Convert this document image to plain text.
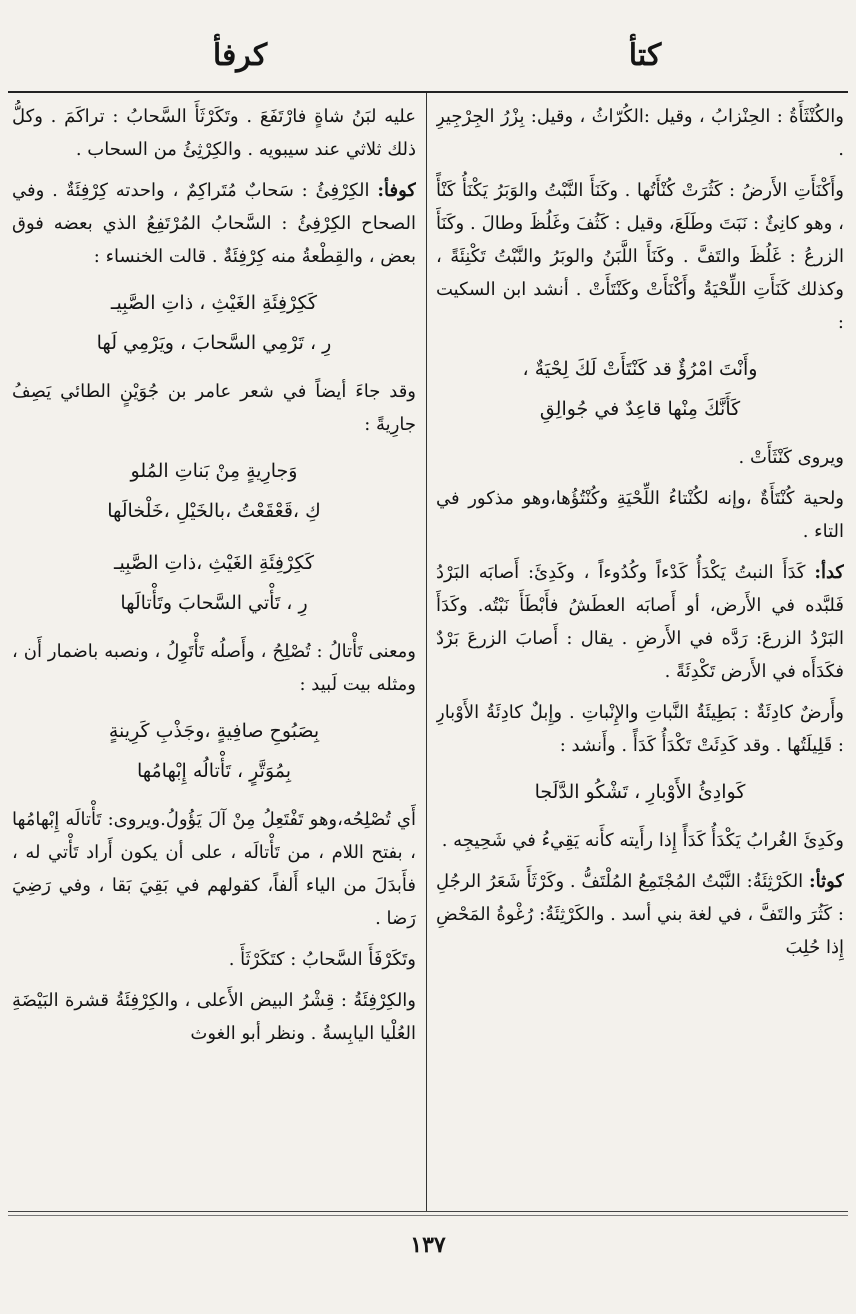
كتأ
كرفأ

والكُنْثَأَةُ : الحِنْزابُ ، وقيل :الكُرّاثُ ، وقيل: بِزْرُ الجِرْجِيرِ .

وأَكْنَأَتِ الأَرضُ : كَثُرَتْ كُنْأَتُها . وكَنَأَ النَّبْتُ والوَبَرُ يَكْنَأُ كَنْأً ، وهو كانِئٌ : نَبَتَ وطَلَعَ، وقيل : كَثُفَ وغَلُظَ وطالَ . وكَنَأَ الزرعُ : غَلُظَ والتَفَّ . وكَنَأَ اللَّبَنُ والوبَرُ والنَّبْتُ تَكْنِئَةً ، وكذلك كَنَأَتِ اللِّحْيَةُ وأَكْنَأَتْ وكَنْتَأَتْ . أنشد ابن السكيت :

وأَنْتَ امْرُؤٌ قد كَنْتَأَتْ لَكَ لِحْيَةٌ ،
كَأَنَّكَ مِنْها قاعِدٌ في جُوالِقِ

ويروى كَنْثَأَتْ .

ولحية كُنْتَأَةٌ ،وإنه لكُنْتاءُ اللِّحْيَةِ وكُنْتُؤُها،وهو مذكور في التاء .

كدأ: كَدَأَ النبتُ يَكْدَأُ كَدْءاً وكُدُوءاً ، وكَدِئَ: أَصابَه البَرْدُ فَلبَّده في الأَرض، أو أَصابَه العطَشُ فأَبْطَأَ نَبْتُه. وكَدَأَ البَرْدُ الزرعَ: رَدَّه في الأَرضِ . يقال : أَصابَ الزرعَ بَرْدٌ فكَدَأَه في الأَرض تَكْدِئَةً .

وأَرضٌ كادِئَةٌ : بَطِيئَةُ النَّباتِ والإِنْباتِ . وإِبلٌ كادِئَةُ الأَوْبارِ : قَلِيلَتُها . وقد كَدِئَتْ تَكْدَأُ كَدَأً . وأَنشد :

كَوادِئُ الأَوْبارِ ، تَشْكُو الدَّلَجا

وكَدِئَ الغُرابُ يَكْدَأُ كَدَأً إِذا رأَيته كأَنه يَقِيءُ في شَحِيجِه .

كوثأ: الكَرْثِئَةُ: النَّبْتُ المُجْتَمِعُ المُلْتَفُّ . وكَرْثَأَ شَعَرُ الرجُلِ : كَثُرَ والتَفَّ ، في لغة بني أسد . والكَرْثِئَةُ: رُغْوةُ المَحْضِ إِذا حُلِبَ

عليه لبَنُ شاةٍ فارْتَفَعَ . وتَكَرْثَأَ السَّحابُ : تراكَمَ . وكلُّ ذلك ثلاثي عند سيبويه . والكِرْثِئُ من السحاب .

كوفأ: الكِرْفِئُ : سَحابٌ مُتَراكِمٌ ، واحدته كِرْفِئَةٌ . وفي الصحاح الكِرْفِئُ : السَّحابُ المُرْتَفِعُ الذي بعضه فوق بعض ، والقِطْعةُ منه كِرْفِئَةٌ . قالت الخنساء :

كَكِرْفِئَةِ الغَيْثِ ، ذاتِ الصَّبِيـ
رِ ، تَرْمِي السَّحابَ ، ويَرْمِي لَها

وقد جاءَ أيضاً في شعر عامر بن جُوَيْنٍ الطائي يَصِفُ جارِيةً :

وَجارِيةٍ مِنْ بَناتِ المُلو
كِ ،قَعْقَعْتُ ،بالخَيْلِ ،خَلْخالَها
كَكِرْفِئَةِ الغَيْثِ ،ذاتِ الصَّبِيـ
رِ ، تَأْتي السَّحابَ وتَأْتالَها

ومعنى تَأْتالُ : تُصْلِحُ ، وأَصلُه تَأْتَوِلُ ، ونصبه باضمار أَن ، ومثله بيت لَبيد :

بِصَبُوحِ صافِيةٍ ،وجَذْبِ كَرِينةٍ
بِمُوَتَّرٍ ، تَأْتالُه إِبْهامُها

أَي تُصْلِحُه،وهو تَفْتَعِلُ مِنْ آلَ يَؤُولُ.ويروى: تَأْتالَه إِبْهامُها ، بفتح اللام ، من تَأْتالَه ، على أن يكون أَراد تَأْتي له ، فأَبدَلَ من الياء أَلفاً، كقولهم في بَقِيَ بَقا ، وفي رَضِيَ رَضا .

وتَكَرْفَأَ السَّحابُ : كتَكَرْثَأَ .

والكِرْفِئَةُ : قِشْرُ البيض الأَعلى ، والكِرْفِئَةُ قشرة البَيْضَةِ العُلْيا اليابِسةُ . ونظر أبو الغوث

١٣٧
